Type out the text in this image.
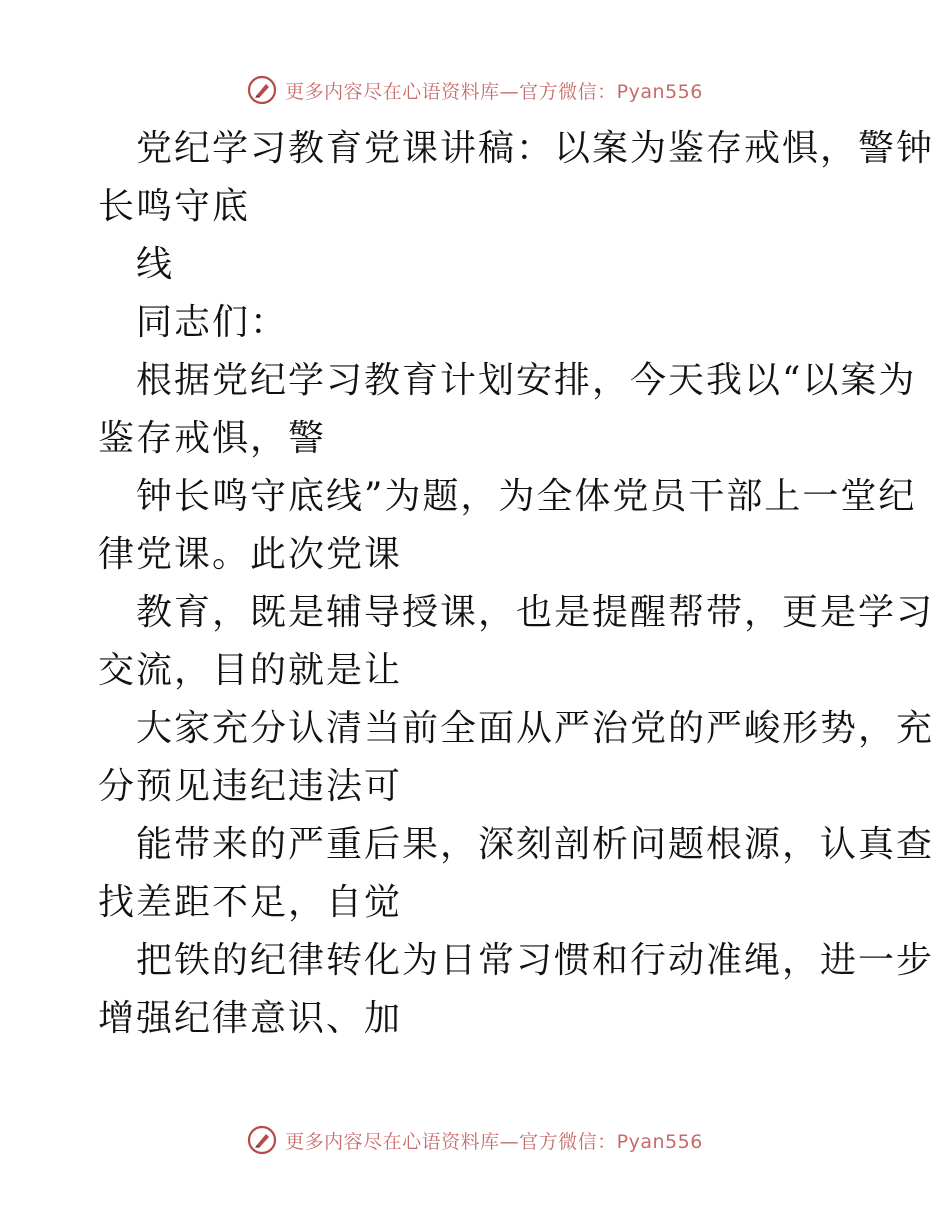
更多内容尽在心语资料库—官方微信：Pyan556
党纪学习教育党课讲稿：以案为鉴存戒惧，警钟
长鸣守底
线
同志们：
根据党纪学习教育计划安排，今天我以“以案为
鉴存戒惧，警
钟长鸣守底线”为题，为全体党员干部上一堂纪
律党课。此次党课
教育，既是辅导授课，也是提醒帮带，更是学习
交流，目的就是让
大家充分认清当前全面从严治党的严峻形势，充
分预见违纪违法可
能带来的严重后果，深刻剖析问题根源，认真查
找差距不足，自觉
把铁的纪律转化为日常习惯和行动准绳，进一步
增强纪律意识、加
更多内容尽在心语资料库—官方微信：Pyan556
